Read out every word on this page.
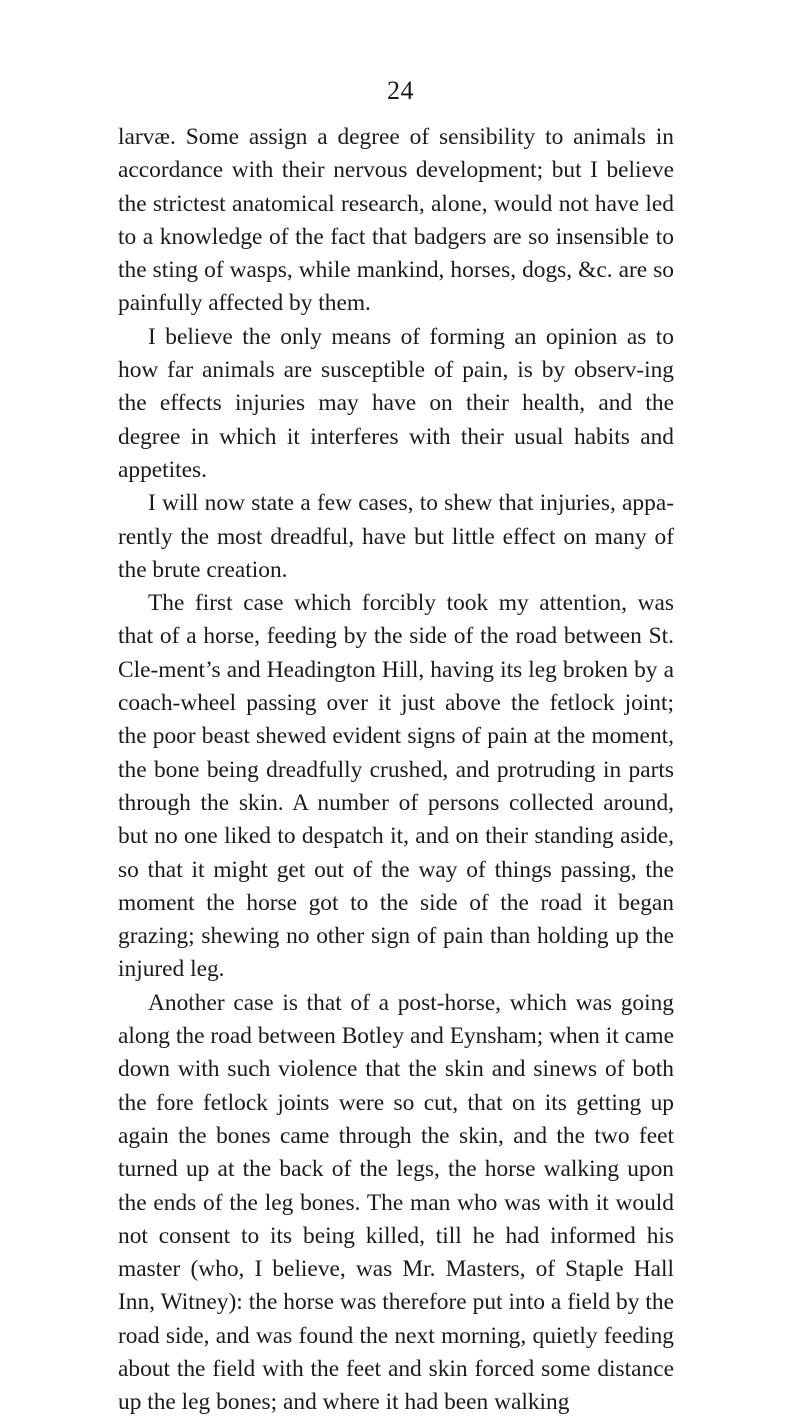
24

larvæ. Some assign a degree of sensibility to animals in accordance with their nervous development; but I believe the strictest anatomical research, alone, would not have led to a knowledge of the fact that badgers are so insensible to the sting of wasps, while mankind, horses, dogs, &c. are so painfully affected by them.

I believe the only means of forming an opinion as to how far animals are susceptible of pain, is by observ-ing the effects injuries may have on their health, and the degree in which it interferes with their usual habits and appetites.

I will now state a few cases, to shew that injuries, appa-rently the most dreadful, have but little effect on many of the brute creation.

The first case which forcibly took my attention, was that of a horse, feeding by the side of the road between St. Cle-ment’s and Headington Hill, having its leg broken by a coach-wheel passing over it just above the fetlock joint; the poor beast shewed evident signs of pain at the moment, the bone being dreadfully crushed, and protruding in parts through the skin. A number of persons collected around, but no one liked to despatch it, and on their standing aside, so that it might get out of the way of things passing, the moment the horse got to the side of the road it began grazing; shewing no other sign of pain than holding up the injured leg.

Another case is that of a post-horse, which was going along the road between Botley and Eynsham; when it came down with such violence that the skin and sinews of both the fore fetlock joints were so cut, that on its getting up again the bones came through the skin, and the two feet turned up at the back of the legs, the horse walking upon the ends of the leg bones. The man who was with it would not consent to its being killed, till he had informed his master (who, I believe, was Mr. Masters, of Staple Hall Inn, Witney): the horse was therefore put into a field by the road side, and was found the next morning, quietly feeding about the field with the feet and skin forced some distance up the leg bones; and where it had been walking
